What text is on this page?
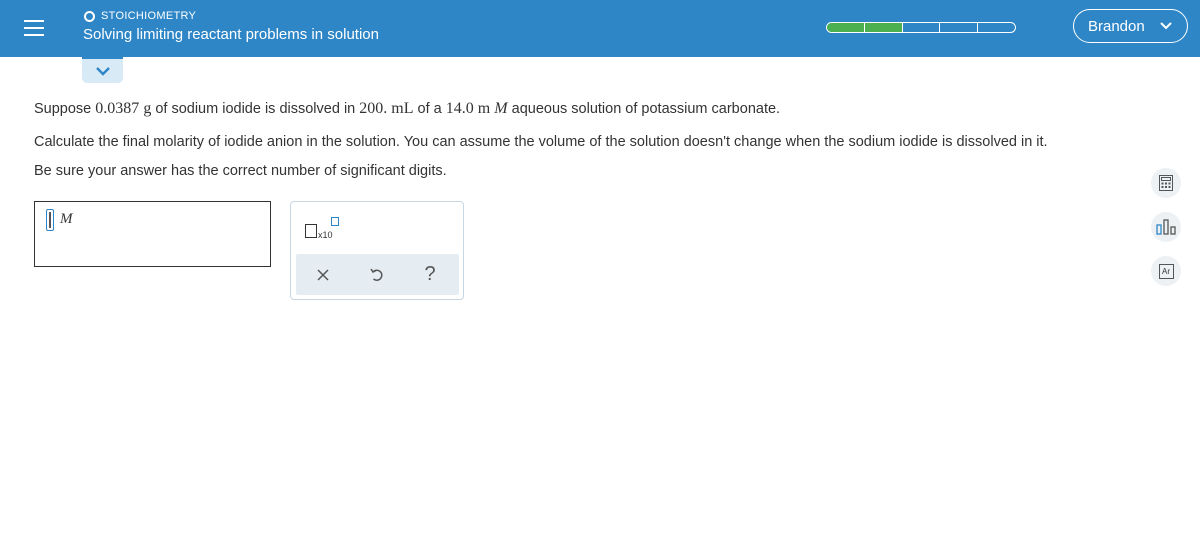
STOICHIOMETRY
Solving limiting reactant problems in solution	Brandon
Suppose 0.0387 g of sodium iodide is dissolved in 200. mL of a 14.0 m M aqueous solution of potassium carbonate.
Calculate the final molarity of iodide anion in the solution. You can assume the volume of the solution doesn't change when the sodium iodide is dissolved in it.
Be sure your answer has the correct number of significant digits.
M
x10
?	Ar
